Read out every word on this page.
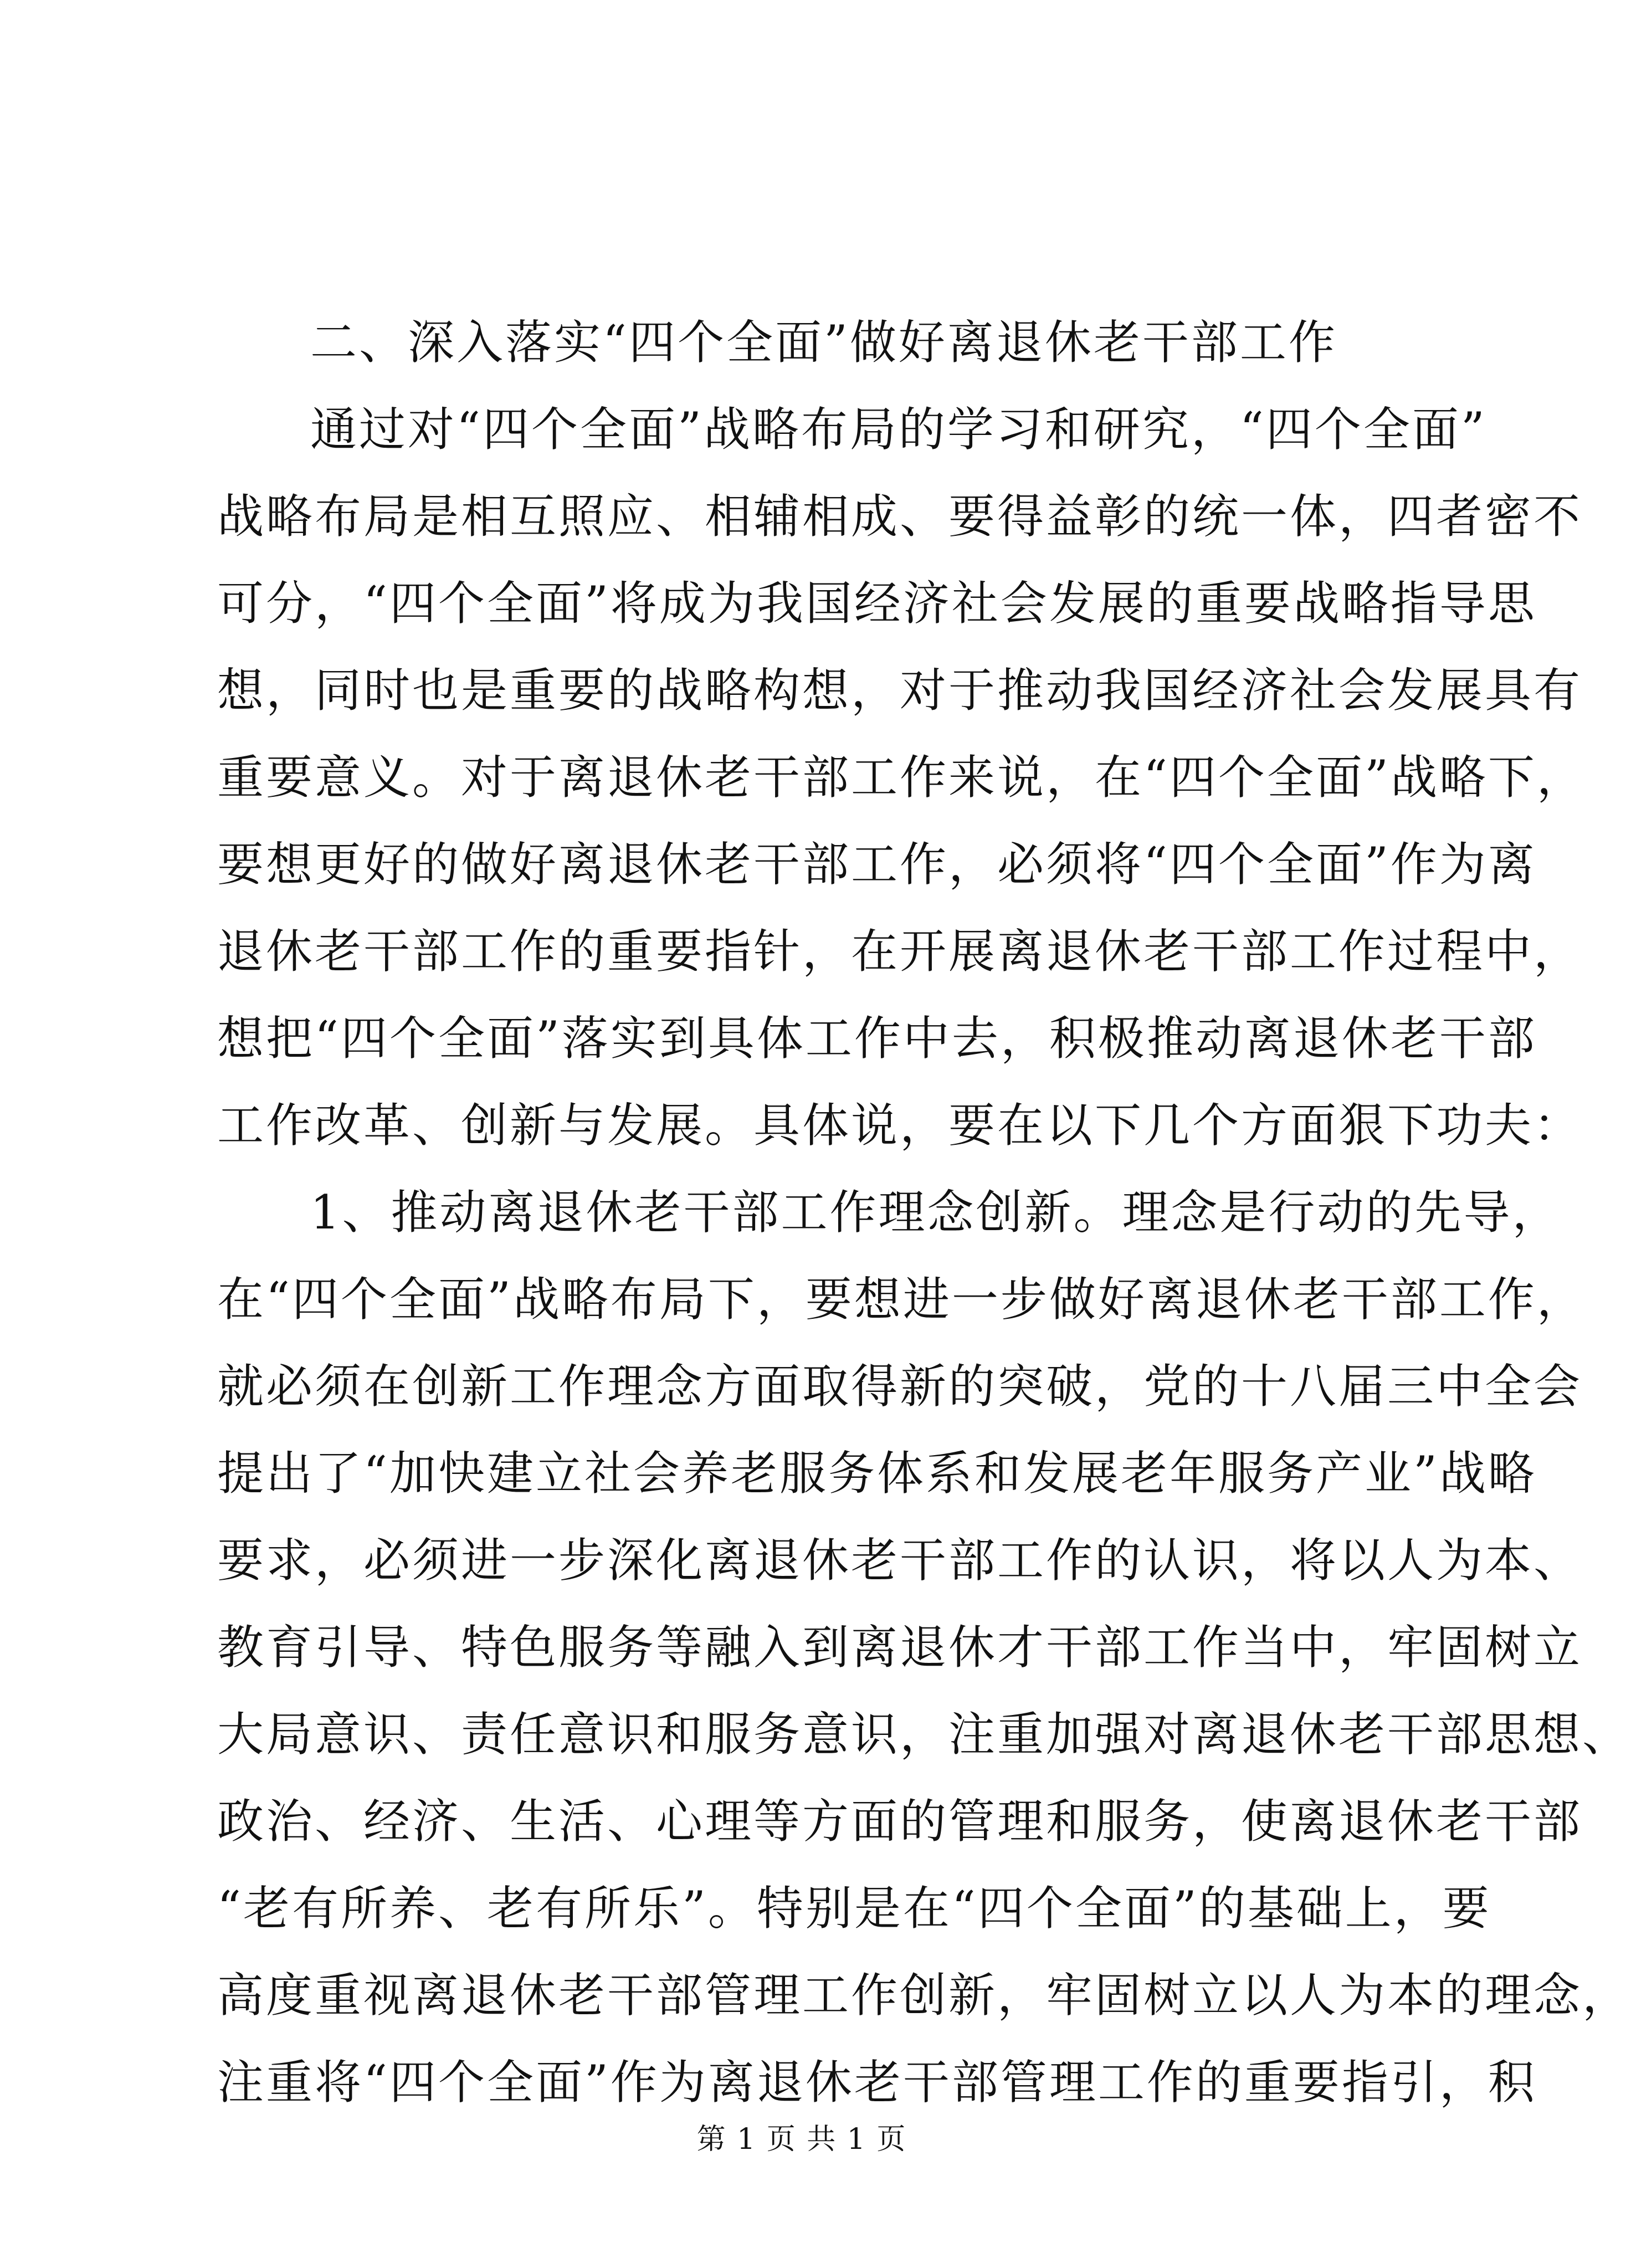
二、深入落实“四个全面”做好离退休老干部工作
通过对“四个全面”战略布局的学习和研究，“四个全面”
战略布局是相互照应、相辅相成、要得益彰的统一体，四者密不
可分，“四个全面”将成为我国经济社会发展的重要战略指导思
想，同时也是重要的战略构想，对于推动我国经济社会发展具有
重要意义。对于离退休老干部工作来说，在“四个全面”战略下，
要想更好的做好离退休老干部工作，必须将“四个全面”作为离
退休老干部工作的重要指针，在开展离退休老干部工作过程中，
想把“四个全面”落实到具体工作中去，积极推动离退休老干部
工作改革、创新与发展。具体说，要在以下几个方面狠下功夫：
1、推动离退休老干部工作理念创新。理念是行动的先导，
在“四个全面”战略布局下，要想进一步做好离退休老干部工作，
就必须在创新工作理念方面取得新的突破，党的十八届三中全会
提出了“加快建立社会养老服务体系和发展老年服务产业”战略
要求，必须进一步深化离退休老干部工作的认识，将以人为本、
教育引导、特色服务等融入到离退休才干部工作当中，牢固树立
大局意识、责任意识和服务意识，注重加强对离退休老干部思想、
政治、经济、生活、心理等方面的管理和服务，使离退休老干部
“老有所养、老有所乐”。特别是在“四个全面”的基础上，要
高度重视离退休老干部管理工作创新，牢固树立以人为本的理念，
注重将“四个全面”作为离退休老干部管理工作的重要指引，积
第 1 页 共 1 页
